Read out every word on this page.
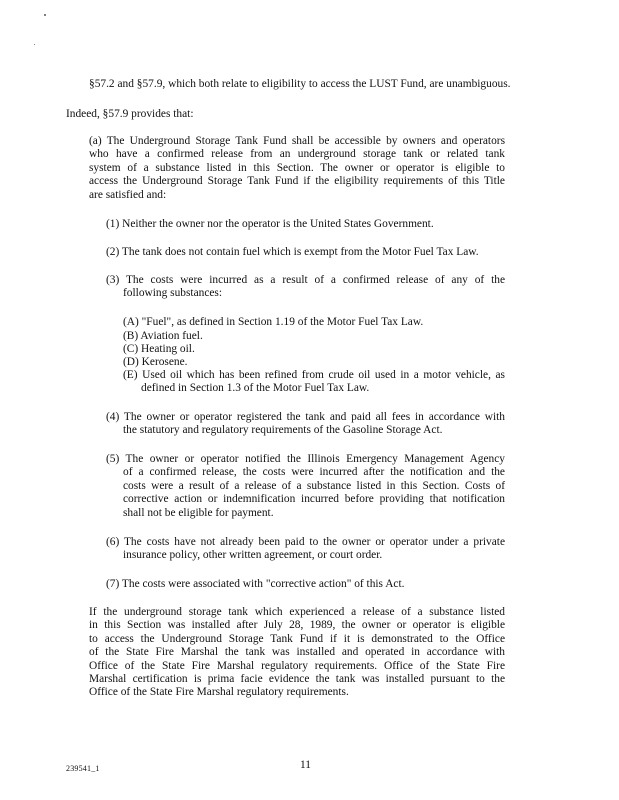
§57.2 and §57.9, which both relate to eligibility to access the LUST Fund, are unambiguous.
Indeed, §57.9 provides that:
(a) The Underground Storage Tank Fund shall be accessible by owners and operators
who have a confirmed release from an underground storage tank or related tank
system of a substance listed in this Section. The owner or operator is eligible to
access the Underground Storage Tank Fund if the eligibility requirements of this Title
are satisfied and:
(1) Neither the owner nor the operator is the United States Government.
(2) The tank does not contain fuel which is exempt from the Motor Fuel Tax Law.
(3) The costs were incurred as a result of a confirmed release of any of the
following substances:
(A) "Fuel", as defined in Section 1.19 of the Motor Fuel Tax Law.
(B) Aviation fuel.
(C) Heating oil.
(D) Kerosene.
(E) Used oil which has been refined from crude oil used in a motor vehicle, as
defined in Section 1.3 of the Motor Fuel Tax Law.
(4) The owner or operator registered the tank and paid all fees in accordance with
the statutory and regulatory requirements of the Gasoline Storage Act.
(5) The owner or operator notified the Illinois Emergency Management Agency
of a confirmed release, the costs were incurred after the notification and the
costs were a result of a release of a substance listed in this Section. Costs of
corrective action or indemnification incurred before providing that notification
shall not be eligible for payment.
(6) The costs have not already been paid to the owner or operator under a private
insurance policy, other written agreement, or court order.
(7) The costs were associated with "corrective action" of this Act.
If the underground storage tank which experienced a release of a substance listed
in this Section was installed after July 28, 1989, the owner or operator is eligible
to access the Underground Storage Tank Fund if it is demonstrated to the Office
of the State Fire Marshal the tank was installed and operated in accordance with
Office of the State Fire Marshal regulatory requirements. Office of the State Fire
Marshal certification is prima facie evidence the tank was installed pursuant to the
Office of the State Fire Marshal regulatory requirements.
239541_1	11
